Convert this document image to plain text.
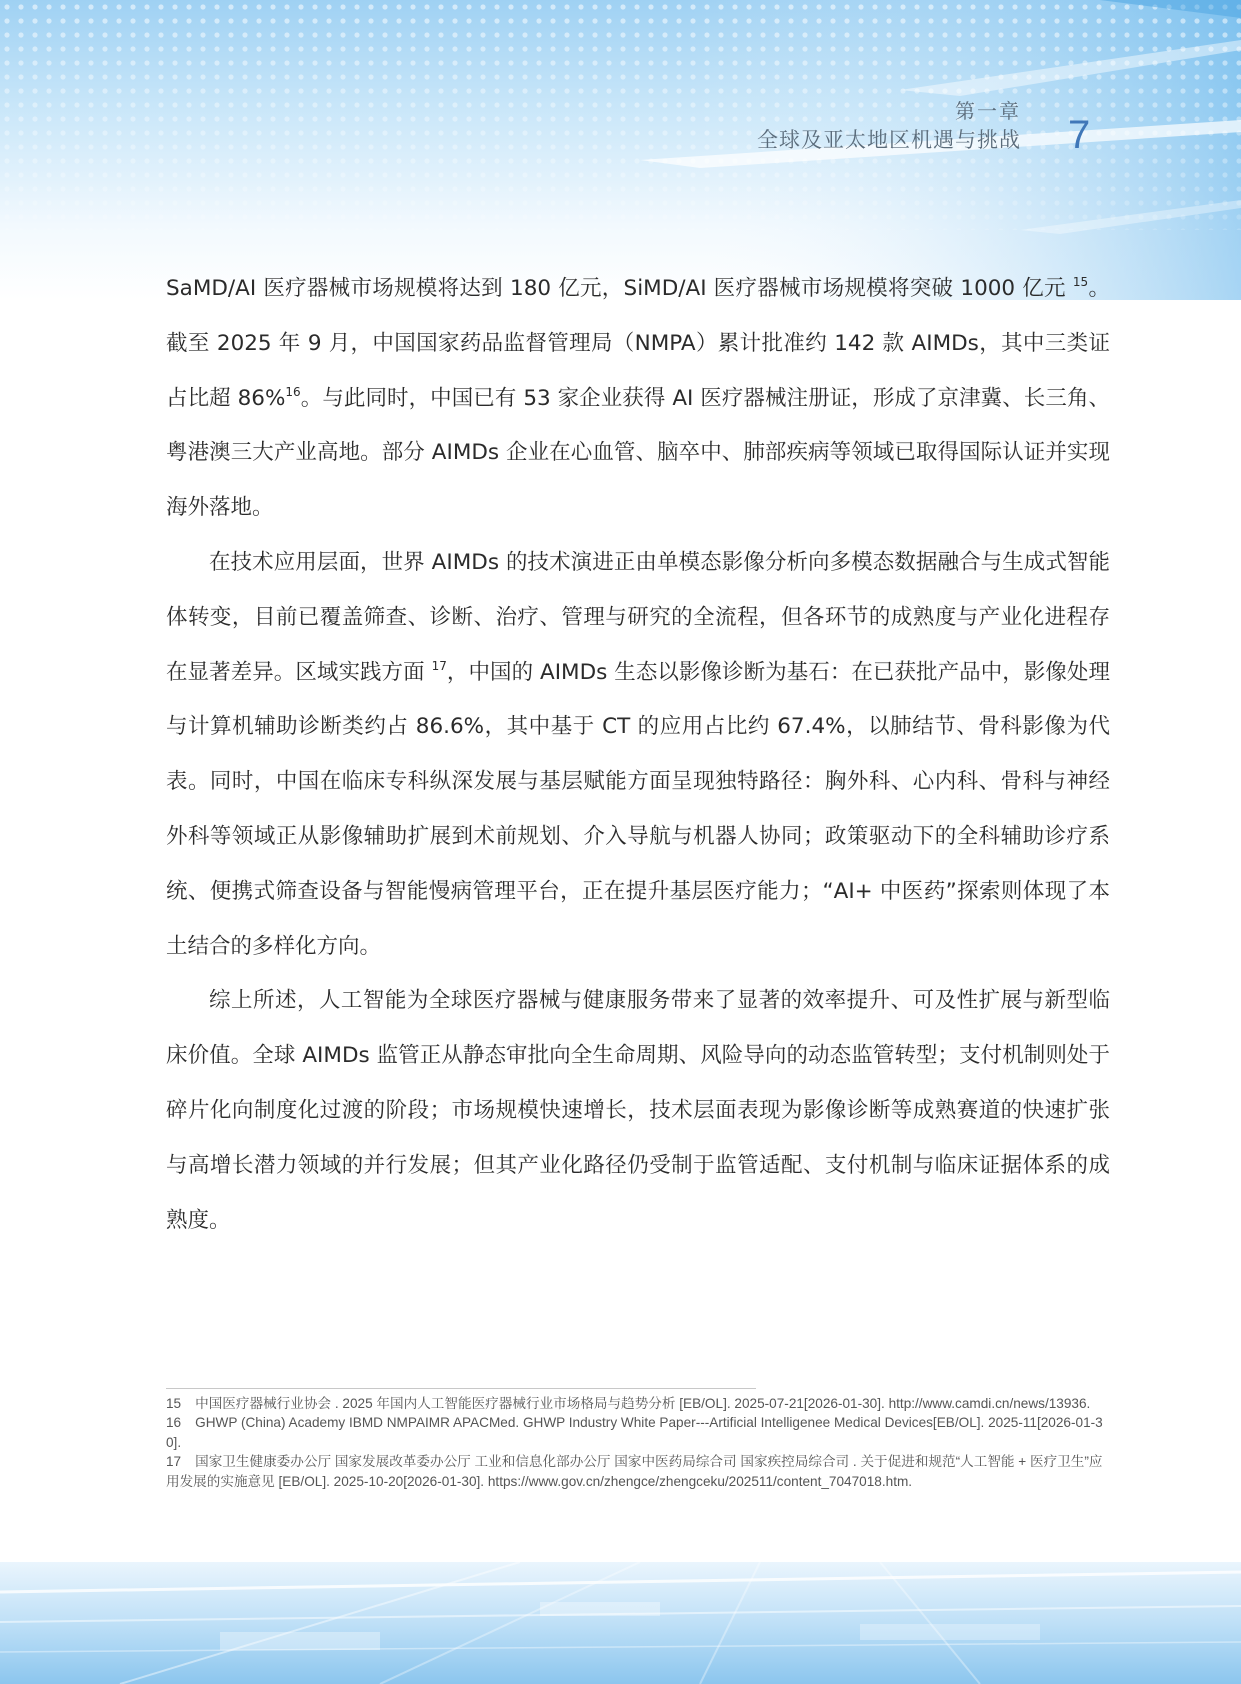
第一章
全球及亚太地区机遇与挑战 7

SaMD/AI 医疗器械市场规模将达到 180 亿元，SiMD/AI 医疗器械市场规模将突破 1000 亿元 $^{15}$。截至 2025 年 9 月，中国国家药品监督管理局（NMPA）累计批准约 142 款 AIMDs，其中三类证占比超 86%$^{16}$。与此同时，中国已有 53 家企业获得 AI 医疗器械注册证，形成了京津冀、长三角、粤港澳三大产业高地。部分 AIMDs 企业在心血管、脑卒中、肺部疾病等领域已取得国际认证并实现海外落地。

在技术应用层面，世界 AIMDs 的技术演进正由单模态影像分析向多模态数据融合与生成式智能体转变，目前已覆盖筛查、诊断、治疗、管理与研究的全流程，但各环节的成熟度与产业化进程存在显著差异。区域实践方面 $^{17}$，中国的 AIMDs 生态以影像诊断为基石：在已获批产品中，影像处理与计算机辅助诊断类约占 86.6%，其中基于 CT 的应用占比约 67.4%，以肺结节、骨科影像为代表。同时，中国在临床专科纵深发展与基层赋能方面呈现独特路径：胸外科、心内科、骨科与神经外科等领域正从影像辅助扩展到术前规划、介入导航与机器人协同；政策驱动下的全科辅助诊疗系统、便携式筛查设备与智能慢病管理平台，正在提升基层医疗能力；“AI+ 中医药”探索则体现了本土结合的多样化方向。

综上所述，人工智能为全球医疗器械与健康服务带来了显著的效率提升、可及性扩展与新型临床价值。全球 AIMDs 监管正从静态审批向全生命周期、风险导向的动态监管转型；支付机制则处于碎片化向制度化过渡的阶段；市场规模快速增长，技术层面表现为影像诊断等成熟赛道的快速扩张与高增长潜力领域的并行发展；但其产业化路径仍受制于监管适配、支付机制与临床证据体系的成熟度。

15 中国医疗器械行业协会 . 2025 年国内人工智能医疗器械行业市场格局与趋势分析 [EB/OL]. 2025-07-21[2026-01-30]. http://www.camdi.cn/news/13936.

16 GHWP (China) Academy IBMD NMPAIMR APACMed. GHWP Industry White Paper---Artificial Intelligenee Medical Devices[EB/OL]. 2025-11[2026-01-30].

17 国家卫生健康委办公厅 国家发展改革委办公厅 工业和信息化部办公厅 国家中医药局综合司 国家疾控局综合司 . 关于促进和规范“人工智能 + 医疗卫生”应用发展的实施意见 [EB/OL]. 2025-10-20[2026-01-30]. https://www.gov.cn/zhengce/zhengceku/202511/content_7047018.htm.
